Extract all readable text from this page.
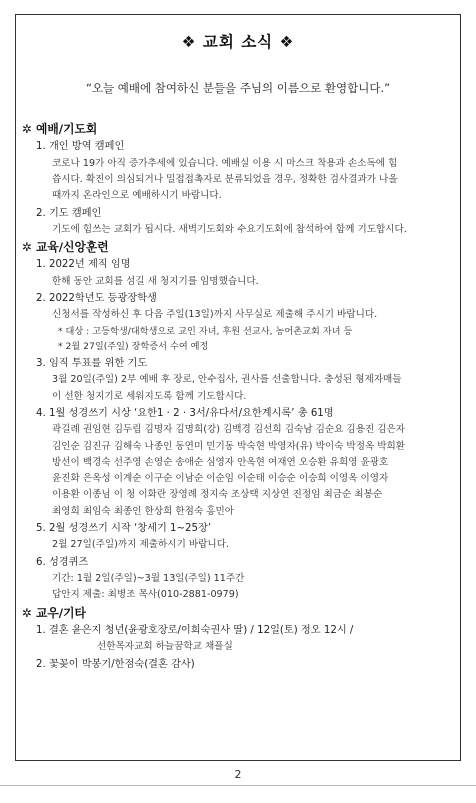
❖ 교회 소식 ❖
“오늘 예배에 참여하신 분들을 주님의 이름으로 환영합니다.”
✲ 예배/기도회
1. 개인 방역 캠페인
코로나 19가 아직 증가추세에 있습니다. 예배실 이용 시 마스크 착용과 손소독에 힘
씁시다. 확진이 의심되거나 밀접접촉자로 분류되었을 경우, 정확한 검사결과가 나올
때까지 온라인으로 예배하시기 바랍니다.
2. 기도 캠페인
기도에 힘쓰는 교회가 됩시다. 새벽기도회와 수요기도회에 참석하여 함께 기도합시다.
✲ 교육/신앙훈련
1. 2022년 제직 임명
한해 동안 교회를 섬길 새 청지기를 임명했습니다.
2. 2022학년도 등광장학생
신청서를 작성하신 후 다음 주일(13일)까지 사무실로 제출해 주시기 바랍니다.
* 대상 : 고등학생/대학생으로 교인 자녀, 후원 선교사, 농어촌교회 자녀 등
* 2월 27일(주일) 장학증서 수여 예정
3. 임직 투표를 위한 기도
3월 20일(주일) 2부 예배 후 장로, 안수집사, 권사를 선출합니다. 충성된 형제자매들
이 선한 청지기로 세워지도록 함께 기도합시다.
4. 1월 성경쓰기 시상 ‘요한1 · 2 · 3서/유다서/요한계시록’ 총 61명
곽길례 권임현 김두림 김명자 김명희(강) 김백경 김선희 김숙남 김순요 김용진 김은자
김인순 김진규 김해숙 나종인 동연미 민기동 박숙현 박영자(유) 박이숙 박정옥 박희환
방선이 백경숙 선주영 손영순 송애순 심영자 안옥현 여재연 오승환 유희영 윤광호
윤진화 은옥성 이계순 이구순 이남순 이순임 이순태 이승순 이승희 이영옥 이영자
이용환 이종님 이 청 이화란 장영례 정지숙 조상택 지상연 진정임 최금순 최봉순
최영희 최임숙 최종인 한상희 한점숙 홍민아
5. 2월 성경쓰기 시작 ‘창세기 1~25장’
2월 27일(주일)까지 제출하시기 바랍니다.
6. 성경퀴즈
기간: 1월 2일(주일)~3월 13일(주일) 11주간
답안지 제출: 최병조 목사(010-2881-0979)
✲ 교우/기타
1. 결혼 윤은지 청년(윤광호장로/이희숙권사 딸) / 12일(토) 정오 12시 /
선한목자교회 하늘꿈학교 채플실
2. 꽃꽂이 박봉기/한점숙(결혼 감사)
2
